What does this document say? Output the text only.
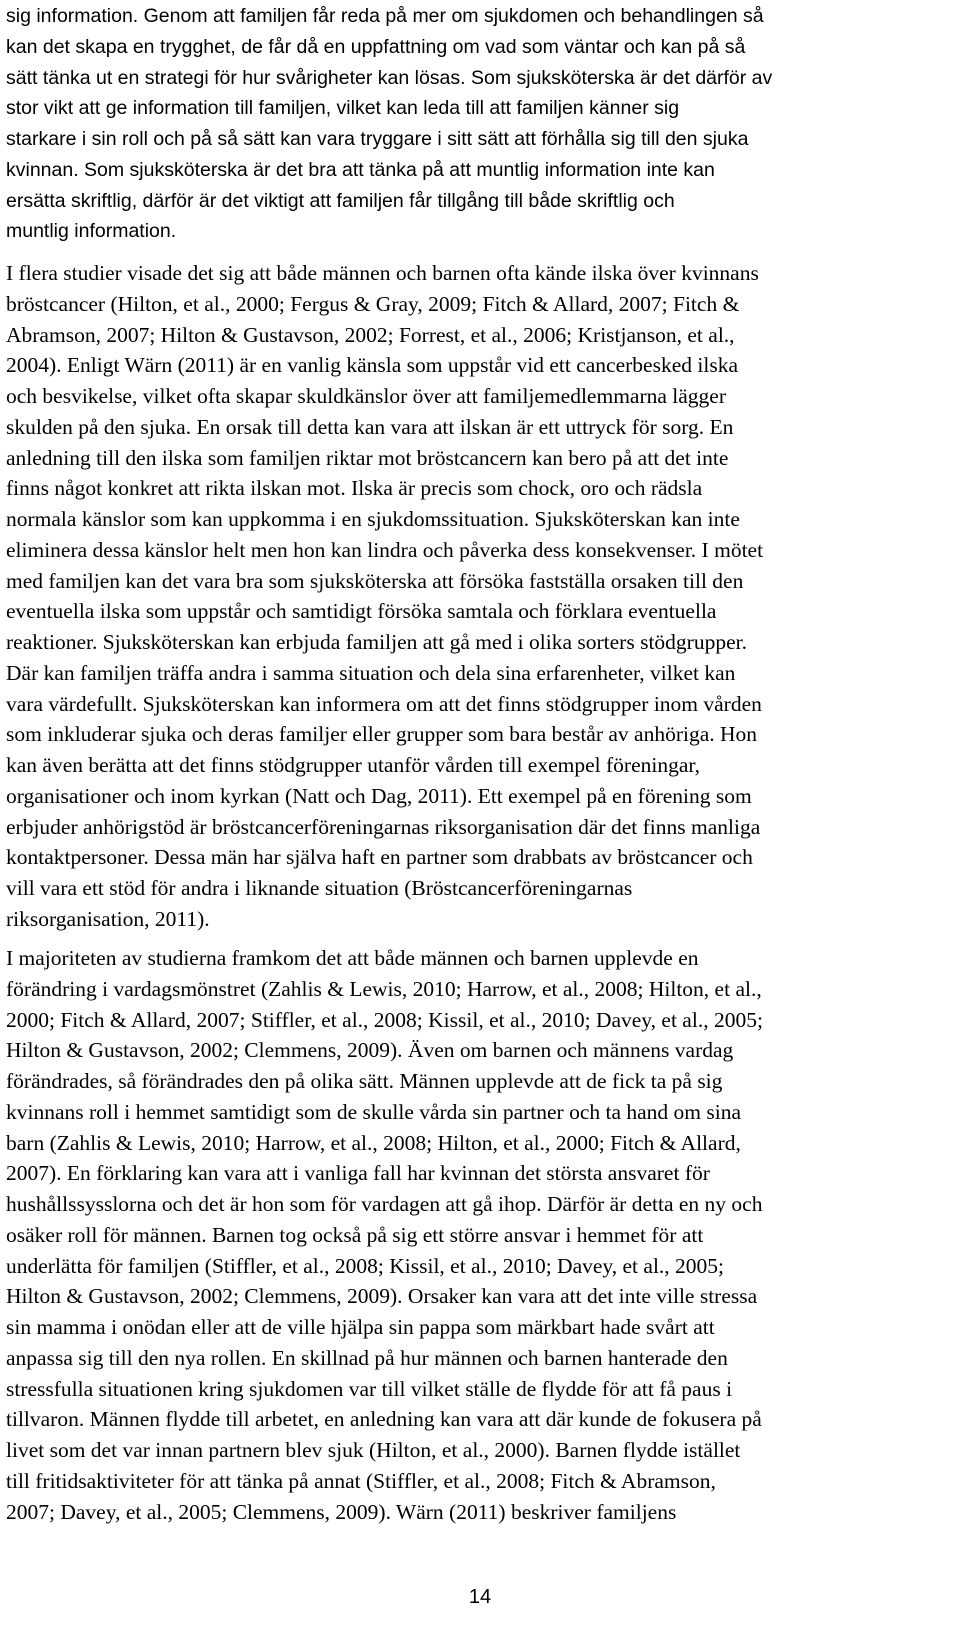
sig information. Genom att familjen får reda på mer om sjukdomen och behandlingen så
kan det skapa en trygghet, de får då en uppfattning om vad som väntar och kan på så
sätt tänka ut en strategi för hur svårigheter kan lösas. Som sjuksköterska är det därför av
stor vikt att ge information till familjen, vilket kan leda till att familjen känner sig
starkare i sin roll och på så sätt kan vara tryggare i sitt sätt att förhålla sig till den sjuka
kvinnan. Som sjuksköterska är det bra att tänka på att muntlig information inte kan
ersätta skriftlig, därför är det viktigt att familjen får tillgång till både skriftlig och
muntlig information.
I flera studier visade det sig att både männen och barnen ofta kände ilska över kvinnans
bröstcancer (Hilton, et al., 2000; Fergus & Gray, 2009; Fitch & Allard, 2007; Fitch &
Abramson, 2007; Hilton & Gustavson, 2002; Forrest, et al., 2006; Kristjanson, et al.,
2004). Enligt Wärn (2011) är en vanlig känsla som uppstår vid ett cancerbesked ilska
och besvikelse, vilket ofta skapar skuldkänslor över att familjemedlemmarna lägger
skulden på den sjuka. En orsak till detta kan vara att ilskan är ett uttryck för sorg. En
anledning till den ilska som familjen riktar mot bröstcancern kan bero på att det inte
finns något konkret att rikta ilskan mot. Ilska är precis som chock, oro och rädsla
normala känslor som kan uppkomma i en sjukdomssituation. Sjuksköterskan kan inte
eliminera dessa känslor helt men hon kan lindra och påverka dess konsekvenser. I mötet
med familjen kan det vara bra som sjuksköterska att försöka fastställa orsaken till den
eventuella ilska som uppstår och samtidigt försöka samtala och förklara eventuella
reaktioner. Sjuksköterskan kan erbjuda familjen att gå med i olika sorters stödgrupper.
Där kan familjen träffa andra i samma situation och dela sina erfarenheter, vilket kan
vara värdefullt. Sjuksköterskan kan informera om att det finns stödgrupper inom vården
som inkluderar sjuka och deras familjer eller grupper som bara består av anhöriga. Hon
kan även berätta att det finns stödgrupper utanför vården till exempel föreningar,
organisationer och inom kyrkan (Natt och Dag, 2011). Ett exempel på en förening som
erbjuder anhörigstöd är bröstcancerföreningarnas riksorganisation där det finns manliga
kontaktpersoner. Dessa män har själva haft en partner som drabbats av bröstcancer och
vill vara ett stöd för andra i liknande situation (Bröstcancerföreningarnas
riksorganisation, 2011).
I majoriteten av studierna framkom det att både männen och barnen upplevde en
förändring i vardagsmönstret (Zahlis & Lewis, 2010; Harrow, et al., 2008; Hilton, et al.,
2000; Fitch & Allard, 2007; Stiffler, et al., 2008; Kissil, et al., 2010; Davey, et al., 2005;
Hilton & Gustavson, 2002; Clemmens, 2009). Även om barnen och männens vardag
förändrades, så förändrades den på olika sätt. Männen upplevde att de fick ta på sig
kvinnans roll i hemmet samtidigt som de skulle vårda sin partner och ta hand om sina
barn (Zahlis & Lewis, 2010; Harrow, et al., 2008; Hilton, et al., 2000; Fitch & Allard,
2007). En förklaring kan vara att i vanliga fall har kvinnan det största ansvaret för
hushållssysslorna och det är hon som för vardagen att gå ihop. Därför är detta en ny och
osäker roll för männen. Barnen tog också på sig ett större ansvar i hemmet för att
underlätta för familjen (Stiffler, et al., 2008; Kissil, et al., 2010; Davey, et al., 2005;
Hilton & Gustavson, 2002; Clemmens, 2009). Orsaker kan vara att det inte ville stressa
sin mamma i onödan eller att de ville hjälpa sin pappa som märkbart hade svårt att
anpassa sig till den nya rollen. En skillnad på hur männen och barnen hanterade den
stressfulla situationen kring sjukdomen var till vilket ställe de flydde för att få paus i
tillvaron. Männen flydde till arbetet, en anledning kan vara att där kunde de fokusera på
livet som det var innan partnern blev sjuk (Hilton, et al., 2000). Barnen flydde istället
till fritidsaktiviteter för att tänka på annat (Stiffler, et al., 2008; Fitch & Abramson,
2007; Davey, et al., 2005; Clemmens, 2009). Wärn (2011) beskriver familjens
14
